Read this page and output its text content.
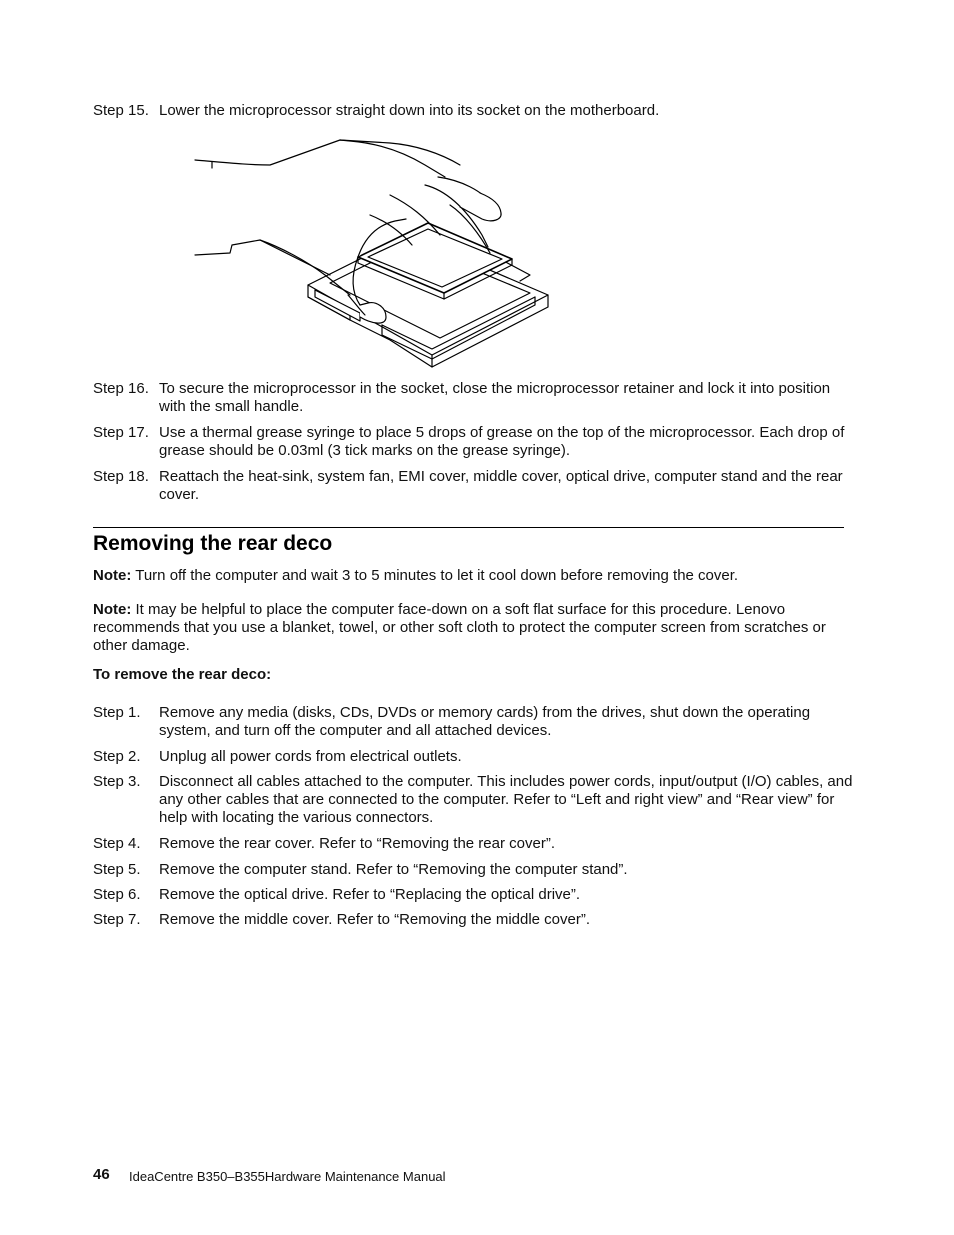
Step 15. Lower the microprocessor straight down into its socket on the motherboard.
Step 16. To secure the microprocessor in the socket, close the microprocessor retainer and lock it into position with the small handle.
Step 17. Use a thermal grease syringe to place 5 drops of grease on the top of the microprocessor. Each drop of grease should be 0.03ml (3 tick marks on the grease syringe).
Step 18. Reattach the heat-sink, system fan, EMI cover, middle cover, optical drive, computer stand and the rear cover.
Removing the rear deco
Note: Turn off the computer and wait 3 to 5 minutes to let it cool down before removing the cover.
Note: It may be helpful to place the computer face-down on a soft flat surface for this procedure. Lenovo recommends that you use a blanket, towel, or other soft cloth to protect the computer screen from scratches or other damage.
To remove the rear deco:
Step 1. Remove any media (disks, CDs, DVDs or memory cards) from the drives, shut down the operating system, and turn off the computer and all attached devices.
Step 2. Unplug all power cords from electrical outlets.
Step 3. Disconnect all cables attached to the computer. This includes power cords, input/output (I/O) cables, and any other cables that are connected to the computer. Refer to “Left and right view” and “Rear view” for help with locating the various connectors.
Step 4. Remove the rear cover. Refer to “Removing the rear cover”.
Step 5. Remove the computer stand. Refer to “Removing the computer stand”.
Step 6. Remove the optical drive. Refer to “Replacing the optical drive”.
Step 7. Remove the middle cover. Refer to “Removing the middle cover”.
46 IdeaCentre B350–B355Hardware Maintenance Manual
